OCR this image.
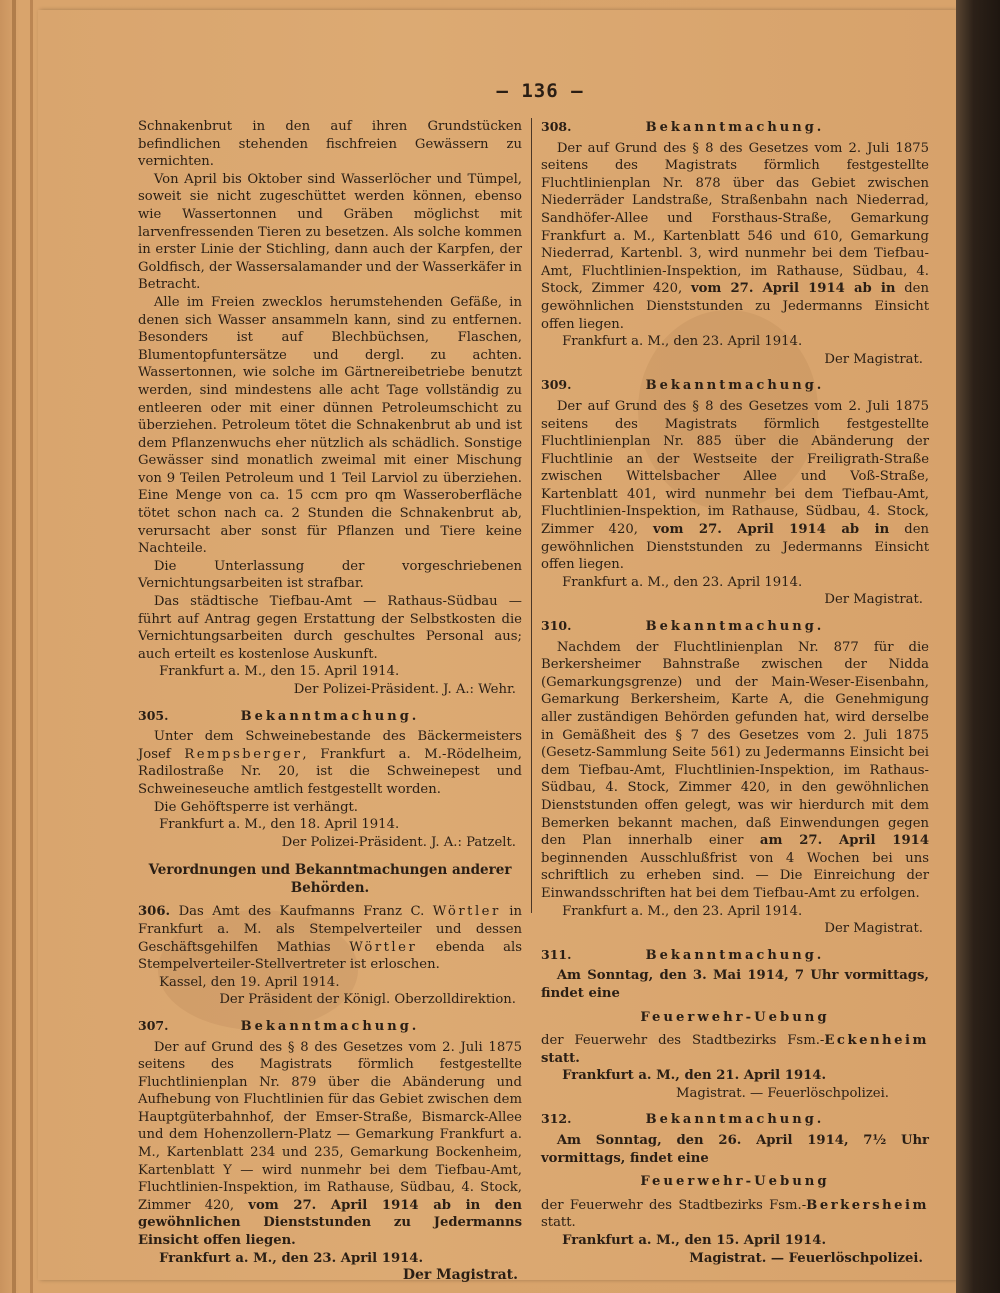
— 136 —

Schnakenbrut in den auf ihren Grundstücken befindlichen stehenden fischfreien Gewässern zu vernichten.

Von April bis Oktober sind Wasserlöcher und Tümpel, soweit sie nicht zugeschüttet werden können, ebenso wie Wassertonnen und Gräben möglichst mit larvenfressenden Tieren zu besetzen. Als solche kommen in erster Linie der Stichling, dann auch der Karpfen, der Goldfisch, der Wassersalamander und der Wasserkäfer in Betracht.

Alle im Freien zwecklos herumstehenden Gefäße, in denen sich Wasser ansammeln kann, sind zu entfernen. Besonders ist auf Blechbüchsen, Flaschen, Blumentopfuntersätze und dergl. zu achten. Wassertonnen, wie solche im Gärtnereibetriebe benutzt werden, sind mindestens alle acht Tage vollständig zu entleeren oder mit einer dünnen Petroleumschicht zu überziehen. Petroleum tötet die Schnakenbrut ab und ist dem Pflanzenwuchs eher nützlich als schädlich. Sonstige Gewässer sind monatlich zweimal mit einer Mischung von 9 Teilen Petroleum und 1 Teil Larviol zu überziehen. Eine Menge von ca. 15 ccm pro qm Wasseroberfläche tötet schon nach ca. 2 Stunden die Schnakenbrut ab, verursacht aber sonst für Pflanzen und Tiere keine Nachteile.

Die Unterlassung der vorgeschriebenen Vernichtungsarbeiten ist strafbar.

Das städtische Tiefbau-Amt — Rathaus-Südbau — führt auf Antrag gegen Erstattung der Selbstkosten die Vernichtungsarbeiten durch geschultes Personal aus; auch erteilt es kostenlose Auskunft.

Frankfurt a. M., den 15. April 1914.

Der Polizei-Präsident. J. A.: Wehr.

305.	Bekanntmachung.

Unter dem Schweinebestande des Bäckermeisters Josef Rempsberger, Frankfurt a. M.-Rödelheim, Radilostraße Nr. 20, ist die Schweinepest und Schweineseuche amtlich festgestellt worden.

Die Gehöftsperre ist verhängt.

Frankfurt a. M., den 18. April 1914.

Der Polizei-Präsident. J. A.: Patzelt.

Verordnungen und Bekanntmachungen anderer Behörden.

306. Das Amt des Kaufmanns Franz C. Wörtler in Frankfurt a. M. als Stempelverteiler und dessen Geschäftsgehilfen Mathias Wörtler ebenda als Stempelverteiler-Stellvertreter ist erloschen.

Kassel, den 19. April 1914.

Der Präsident der Königl. Oberzolldirektion.

307.	Bekanntmachung.

Der auf Grund des § 8 des Gesetzes vom 2. Juli 1875 seitens des Magistrats förmlich festgestellte Fluchtlinienplan Nr. 879 über die Abänderung und Aufhebung von Fluchtlinien für das Gebiet zwischen dem Hauptgüterbahnhof, der Emser-Straße, Bismarck-Allee und dem Hohenzollern-Platz — Gemarkung Frankfurt a. M., Kartenblatt 234 und 235, Gemarkung Bockenheim, Kartenblatt Y — wird nunmehr bei dem Tiefbau-Amt, Fluchtlinien-Inspektion, im Rathause, Südbau, 4. Stock, Zimmer 420, vom 27. April 1914 ab in den gewöhnlichen Dienststunden zu Jedermanns Einsicht offen liegen.

Frankfurt a. M., den 23. April 1914.

Der Magistrat.
308.	Bekanntmachung.

Der auf Grund des § 8 des Gesetzes vom 2. Juli 1875 seitens des Magistrats förmlich festgestellte Fluchtlinienplan Nr. 878 über das Gebiet zwischen Niederräder Landstraße, Straßenbahn nach Niederrad, Sandhöfer-Allee und Forsthaus-Straße, Gemarkung Frankfurt a. M., Kartenblatt 546 und 610, Gemarkung Niederrad, Kartenbl. 3, wird nunmehr bei dem Tiefbau-Amt, Fluchtlinien-Inspektion, im Rathause, Südbau, 4. Stock, Zimmer 420, vom 27. April 1914 ab in den gewöhnlichen Dienststunden zu Jedermanns Einsicht offen liegen.

Frankfurt a. M., den 23. April 1914.

Der Magistrat.

309.	Bekanntmachung.

Der auf Grund des § 8 des Gesetzes vom 2. Juli 1875 seitens des Magistrats förmlich festgestellte Fluchtlinienplan Nr. 885 über die Abänderung der Fluchtlinie an der Westseite der Freiligrath-Straße zwischen Wittelsbacher Allee und Voß-Straße, Kartenblatt 401, wird nunmehr bei dem Tiefbau-Amt, Fluchtlinien-Inspektion, im Rathause, Südbau, 4. Stock, Zimmer 420, vom 27. April 1914 ab in den gewöhnlichen Dienststunden zu Jedermanns Einsicht offen liegen.

Frankfurt a. M., den 23. April 1914.

Der Magistrat.

310.	Bekanntmachung.

Nachdem der Fluchtlinienplan Nr. 877 für die Berkersheimer Bahnstraße zwischen der Nidda (Gemarkungsgrenze) und der Main-Weser-Eisenbahn, Gemarkung Berkersheim, Karte A, die Genehmigung aller zuständigen Behörden gefunden hat, wird derselbe in Gemäßheit des § 7 des Gesetzes vom 2. Juli 1875 (Gesetz-Sammlung Seite 561) zu Jedermanns Einsicht bei dem Tiefbau-Amt, Fluchtlinien-Inspektion, im Rathaus-Südbau, 4. Stock, Zimmer 420, in den gewöhnlichen Dienststunden offen gelegt, was wir hierdurch mit dem Bemerken bekannt machen, daß Einwendungen gegen den Plan innerhalb einer am 27. April 1914 beginnenden Ausschlußfrist von 4 Wochen bei uns schriftlich zu erheben sind. — Die Einreichung der Einwandsschriften hat bei dem Tiefbau-Amt zu erfolgen.

Frankfurt a. M., den 23. April 1914.

Der Magistrat.

311.	Bekanntmachung.

Am Sonntag, den 3. Mai 1914, 7 Uhr vormittags, findet eine

Feuerwehr-Uebung

der Feuerwehr des Stadtbezirks Fsm.-Eckenheim statt.

Frankfurt a. M., den 21. April 1914.

Magistrat. — Feuerlöschpolizei.

312.	Bekanntmachung.

Am Sonntag, den 26. April 1914, 7½ Uhr vormittags, findet eine

Feuerwehr-Uebung

der Feuerwehr des Stadtbezirks Fsm.-Berkersheim statt.

Frankfurt a. M., den 15. April 1914.

Magistrat. — Feuerlöschpolizei.
